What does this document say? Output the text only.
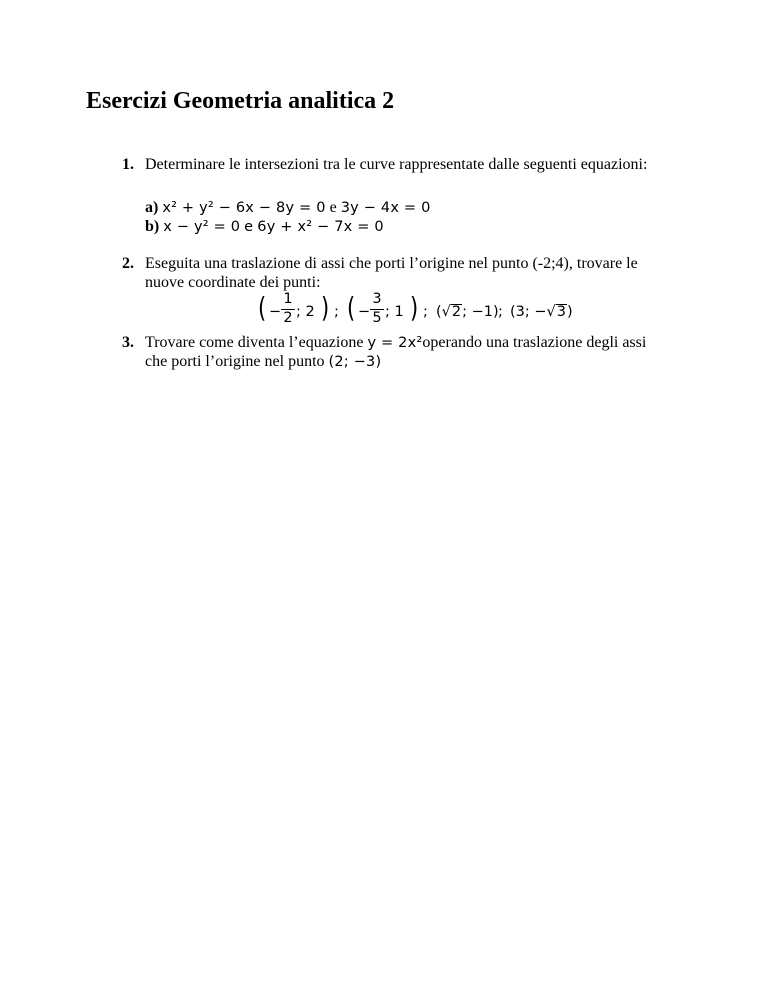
Esercizi Geometria analitica 2
1. Determinare le intersezioni tra le curve rappresentate dalle seguenti equazioni:
a) x² + y² − 6x − 8y = 0 e 3y − 4x = 0
b) x − y² = 0 e 6y + x² − 7x = 0
2. Eseguita una traslazione di assi che porti l’origine nel punto (-2;4), trovare le
nuove coordinate dei punti:
( − $\frac{1}{2}$ ; 2 ) ; ( − $\frac{3}{5}$ ; 1 ) ; (√2; −1) ; (3; −√3)
3. Trovare come diventa l’equazione y = 2x²operando una traslazione degli assi
che porti l’origine nel punto (2; −3)
